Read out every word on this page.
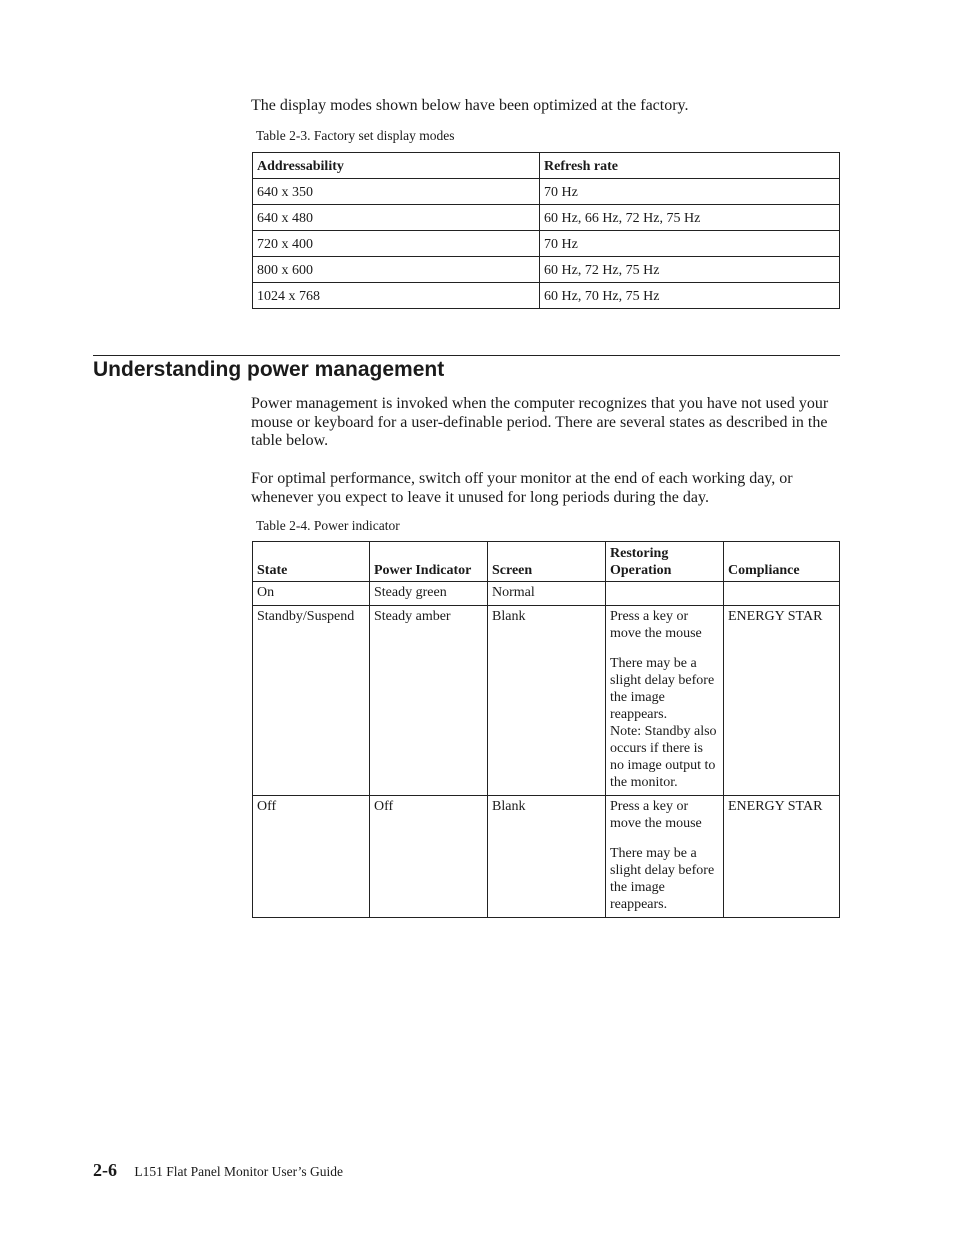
The display modes shown below have been optimized at the factory.

Table 2-3. Factory set display modes

Addressability	Refresh rate
640 x 350	70 Hz
640 x 480	60 Hz, 66 Hz, 72 Hz, 75 Hz
720 x 400	70 Hz
800 x 600	60 Hz, 72 Hz, 75 Hz
1024 x 768	60 Hz, 70 Hz, 75 Hz
Understanding power management

Power management is invoked when the computer recognizes that you have not used your mouse or keyboard for a user-definable period. There are several states as described in the table below.

For optimal performance, switch off your monitor at the end of each working day, or whenever you expect to leave it unused for long periods during the day.

Table 2-4. Power indicator

State	Power Indicator	Screen	Restoring Operation	Compliance
On	Steady green	Normal		
Standby/Suspend	Steady amber	Blank	Press a key or move the mouse
There may be a slight delay before the image reappears.
Note: Standby also occurs if there is no image output to the monitor.	ENERGY STAR
Off	Off	Blank	Press a key or move the mouse
There may be a slight delay before the image reappears.	ENERGY STAR
2-6 L151 Flat Panel Monitor User’s Guide
